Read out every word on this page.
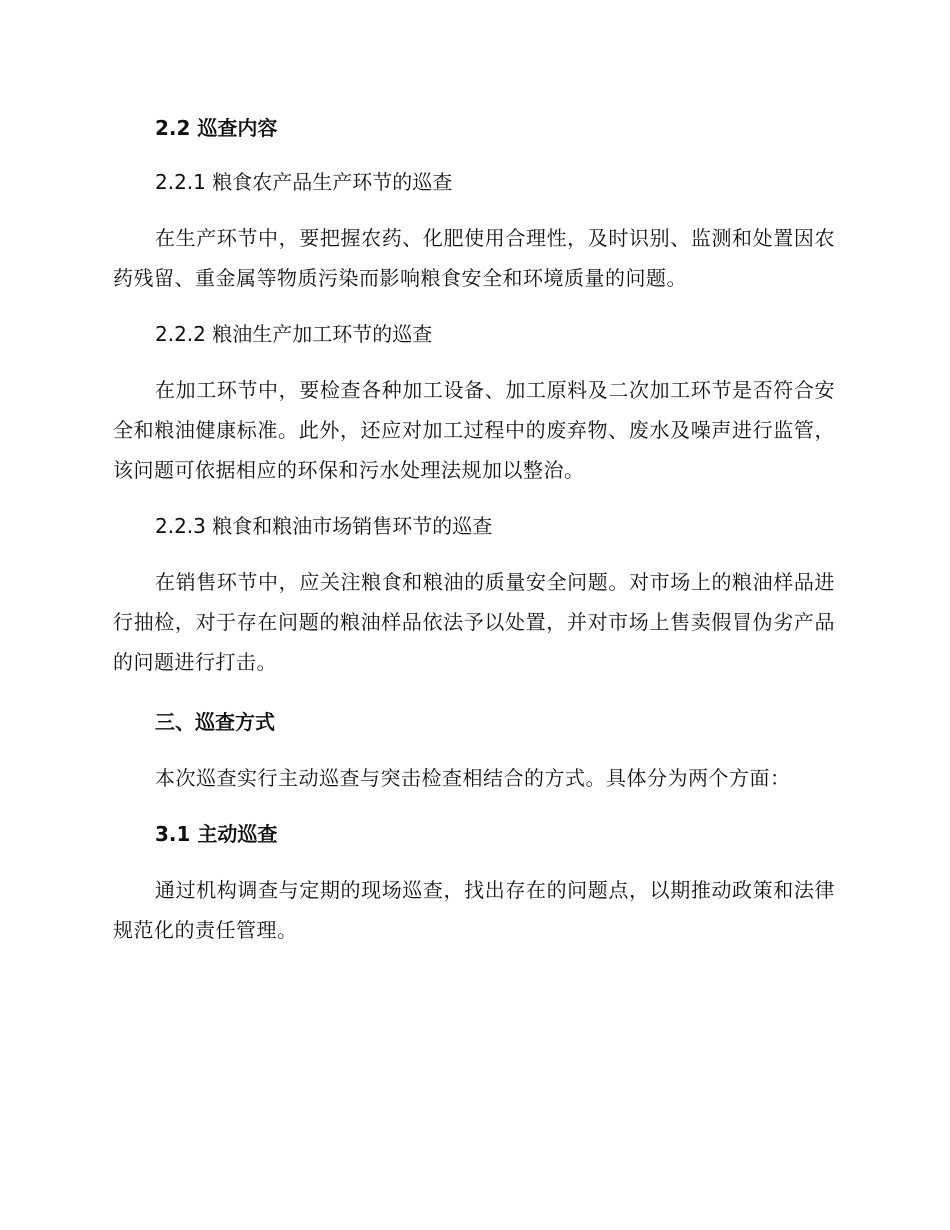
2.2 巡查内容

2.2.1 粮食农产品生产环节的巡查

在生产环节中，要把握农药、化肥使用合理性，及时识别、监测和处置因农药残留、重金属等物质污染而影响粮食安全和环境质量的问题。

2.2.2 粮油生产加工环节的巡查

在加工环节中，要检查各种加工设备、加工原料及二次加工环节是否符合安全和粮油健康标准。此外，还应对加工过程中的废弃物、废水及噪声进行监管，该问题可依据相应的环保和污水处理法规加以整治。

2.2.3 粮食和粮油市场销售环节的巡查

在销售环节中，应关注粮食和粮油的质量安全问题。对市场上的粮油样品进行抽检，对于存在问题的粮油样品依法予以处置，并对市场上售卖假冒伪劣产品的问题进行打击。

三、巡查方式

本次巡查实行主动巡查与突击检查相结合的方式。具体分为两个方面：

3.1 主动巡查

通过机构调查与定期的现场巡查，找出存在的问题点，以期推动政策和法律规范化的责任管理。
